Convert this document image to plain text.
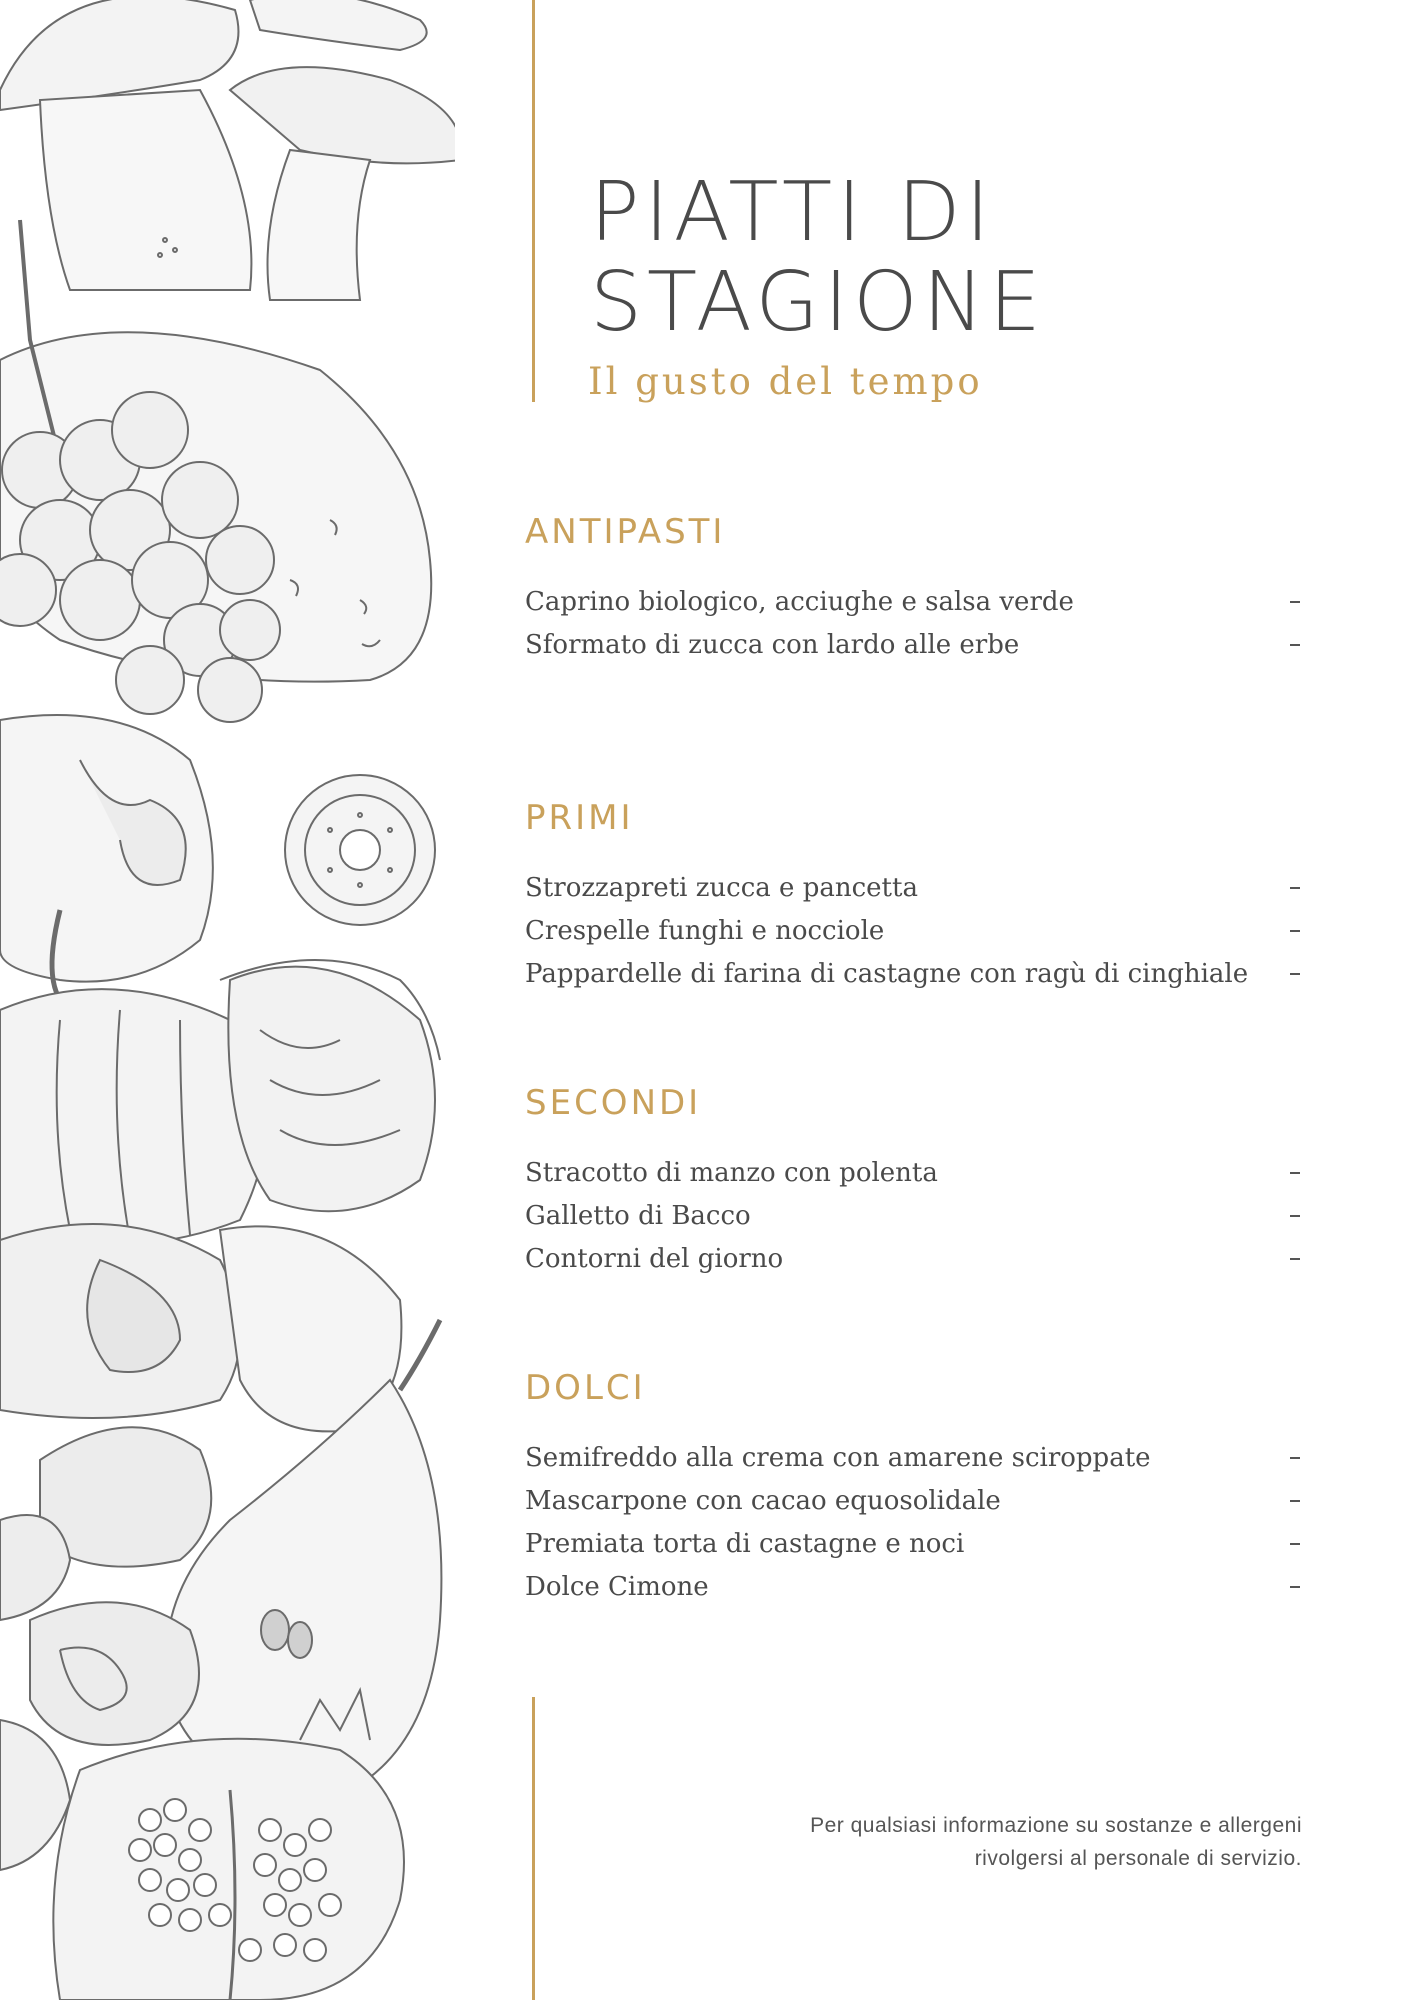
PIATTI DI
STAGIONE
Il gusto del tempo
ANTIPASTI
Caprino biologico, acciughe e salsa verde
Sformato di zucca con lardo alle erbe
PRIMI
Strozzapreti zucca e pancetta
Crespelle funghi e nocciole
Pappardelle di farina di castagne con ragù di cinghiale
SECONDI
Stracotto di manzo con polenta
Galletto di Bacco
Contorni del giorno
DOLCI
Semifreddo alla crema con amarene sciroppate
Mascarpone con cacao equosolidale
Premiata torta di castagne e noci
Dolce Cimone
Per qualsiasi informazione su sostanze e allergeni
rivolgersi al personale di servizio.
